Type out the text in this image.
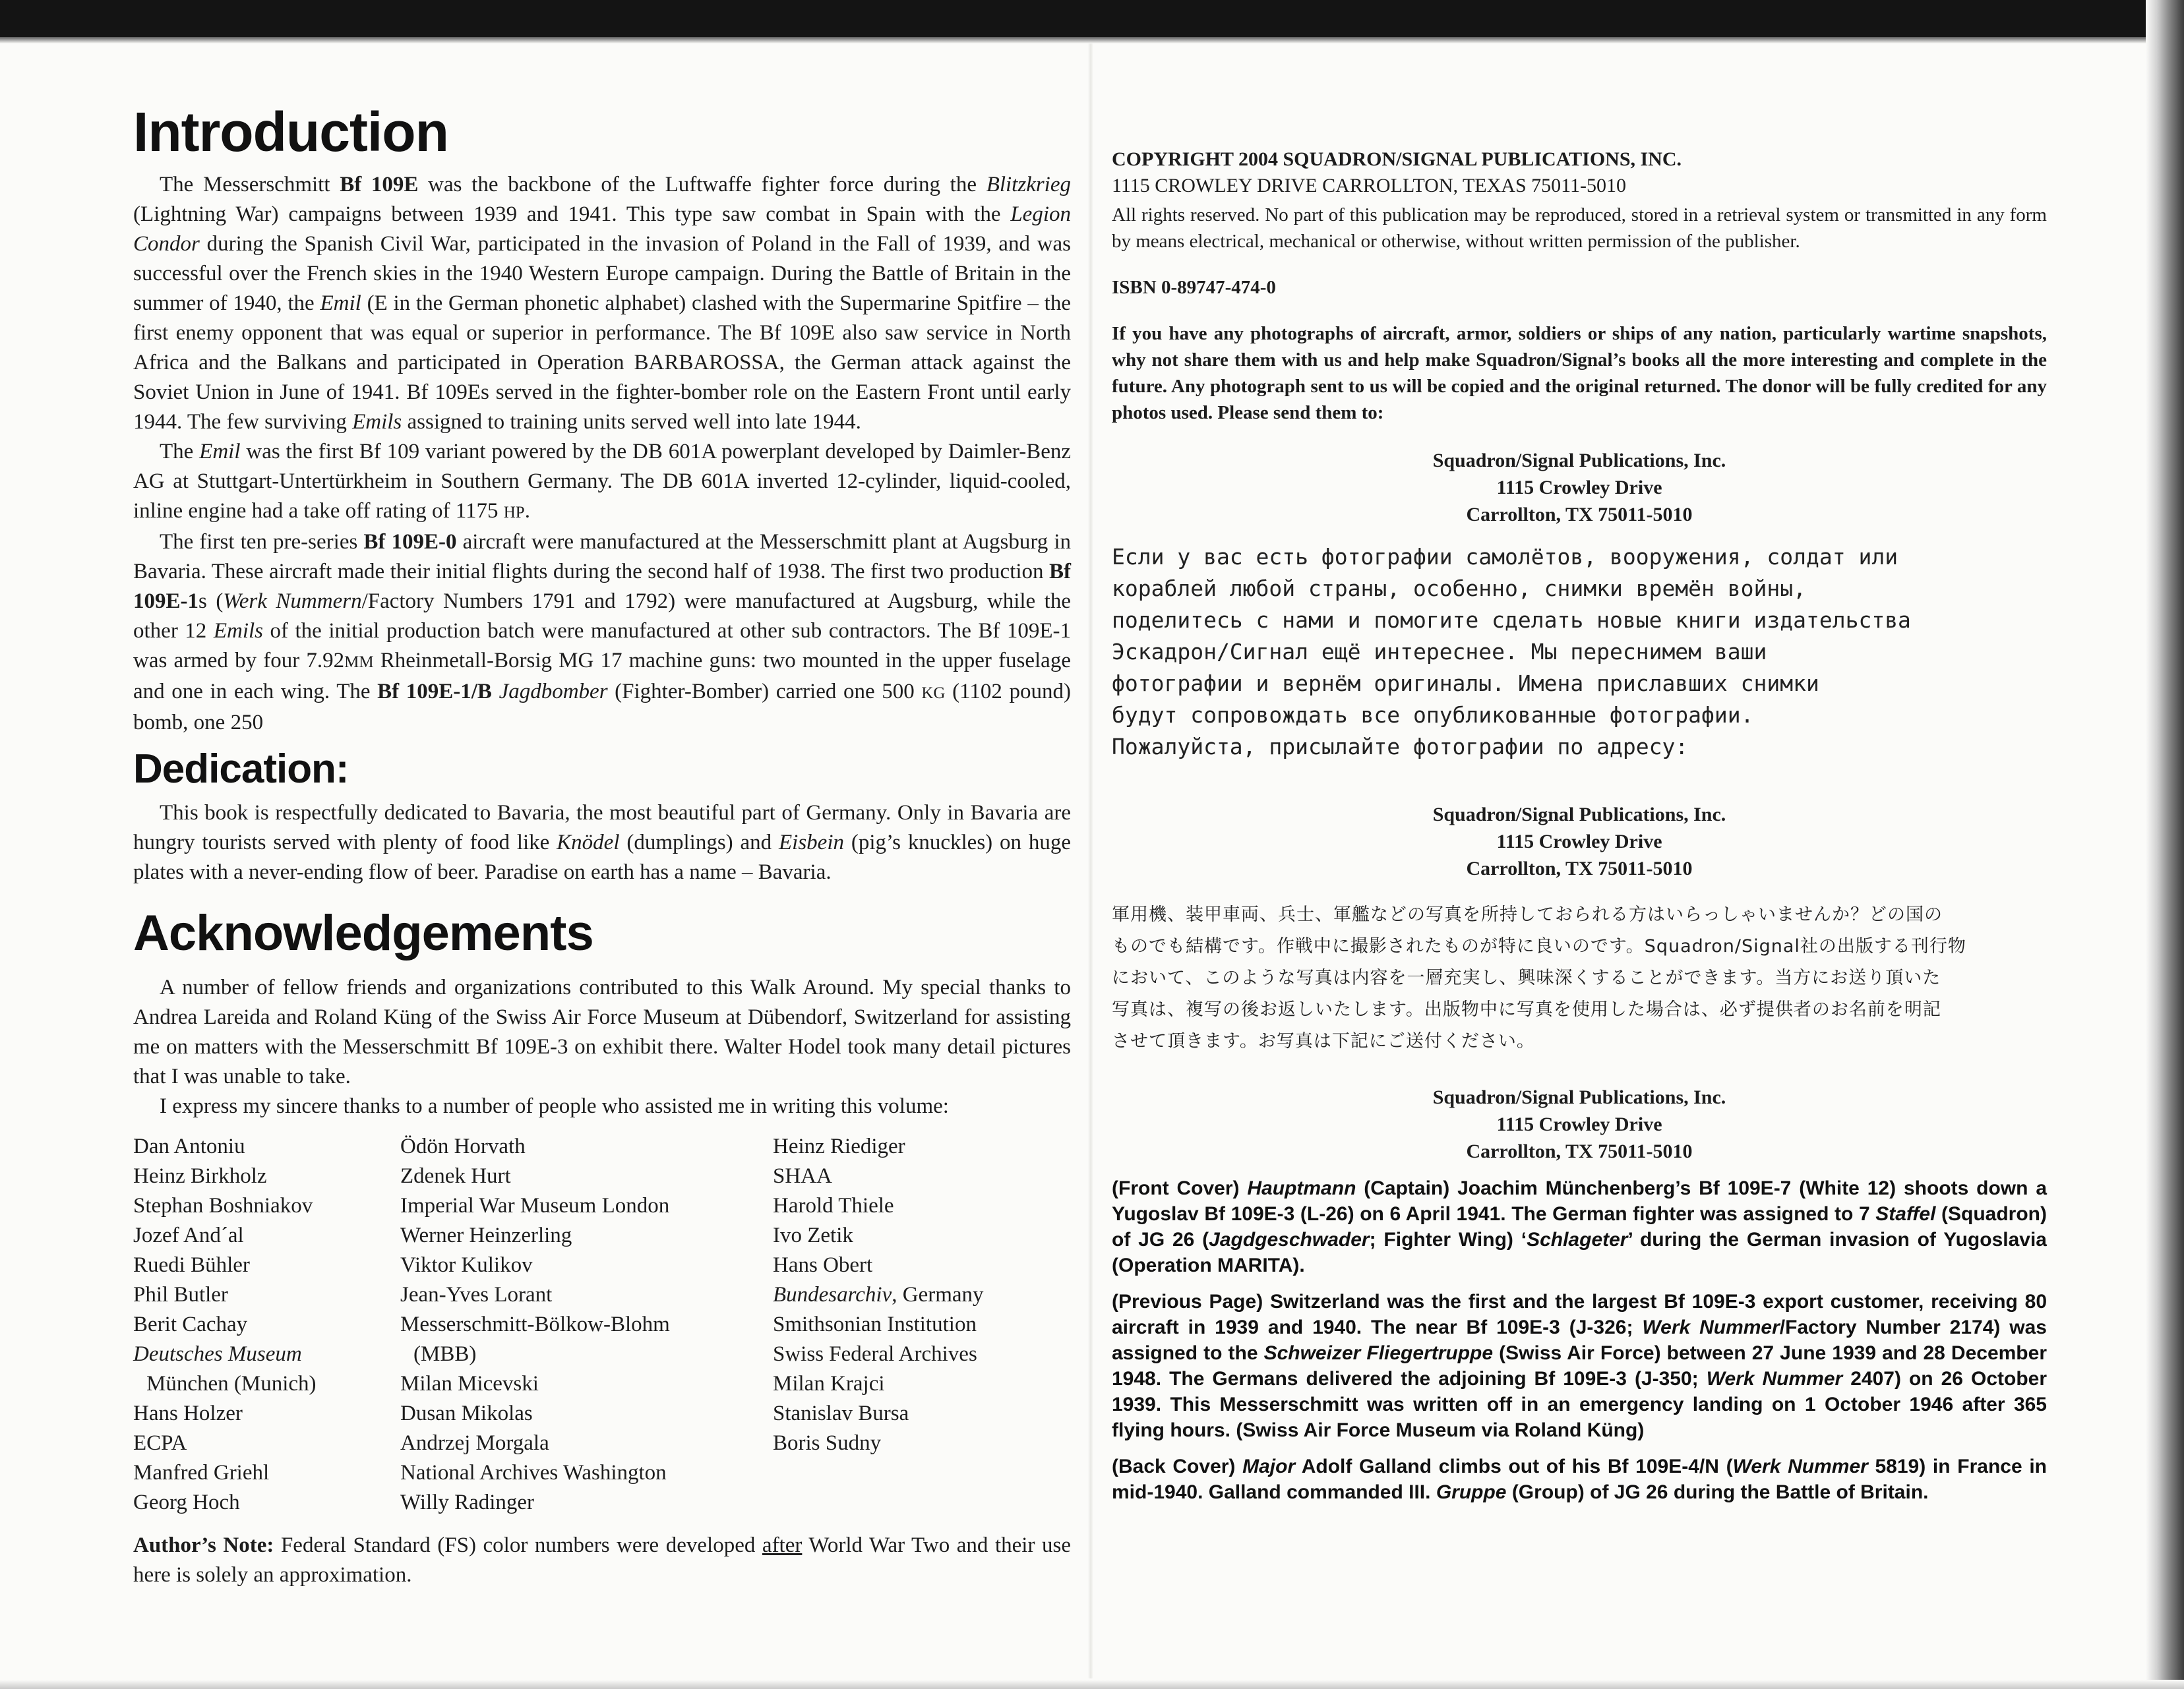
Introduction

The Messerschmitt Bf 109E was the backbone of the Luftwaffe fighter force during the Blitzkrieg (Lightning War) campaigns between 1939 and 1941. This type saw combat in Spain with the Legion Condor during the Spanish Civil War, participated in the invasion of Poland in the Fall of 1939, and was successful over the French skies in the 1940 Western Europe campaign. During the Battle of Britain in the summer of 1940, the Emil (E in the German phonetic alphabet) clashed with the Supermarine Spitfire – the first enemy opponent that was equal or superior in performance. The Bf 109E also saw service in North Africa and the Balkans and participated in Operation BARBAROSSA, the German attack against the Soviet Union in June of 1941. Bf 109Es served in the fighter-bomber role on the Eastern Front until early 1944. The few surviving Emils assigned to training units served well into late 1944.

The Emil was the first Bf 109 variant powered by the DB 601A powerplant developed by Daimler-Benz AG at Stuttgart-Untertürkheim in Southern Germany. The DB 601A inverted 12-cylinder, liquid-cooled, inline engine had a take off rating of 1175 HP.

The first ten pre-series Bf 109E-0 aircraft were manufactured at the Messerschmitt plant at Augsburg in Bavaria. These aircraft made their initial flights during the second half of 1938. The first two production Bf 109E-1s (Werk Nummern/Factory Numbers 1791 and 1792) were manufactured at Augsburg, while the other 12 Emils of the initial production batch were manufactured at other sub contractors. The Bf 109E-1 was armed by four 7.92MM Rheinmetall-Borsig MG 17 machine guns: two mounted in the upper fuselage and one in each wing. The Bf 109E-1/B Jagdbomber (Fighter-Bomber) carried one 500 KG (1102 pound) bomb, one 250

Dedication:

This book is respectfully dedicated to Bavaria, the most beautiful part of Germany. Only in Bavaria are hungry tourists served with plenty of food like Knödel (dumplings) and Eisbein (pig’s knuckles) on huge plates with a never-ending flow of beer. Paradise on earth has a name – Bavaria.

Acknowledgements

A number of fellow friends and organizations contributed to this Walk Around. My special thanks to Andrea Lareida and Roland Küng of the Swiss Air Force Museum at Dübendorf, Switzerland for assisting me on matters with the Messerschmitt Bf 109E-3 on exhibit there. Walter Hodel took many detail pictures that I was unable to take.

I express my sincere thanks to a number of people who assisted me in writing this volume:

Dan Antoniu
Heinz Birkholz
Stephan Boshniakov
Jozef And´al
Ruedi Bühler
Phil Butler
Berit Cachay
Deutsches Museum
München (Munich)
Hans Holzer
ECPA
Manfred Griehl
Georg Hoch
Ödön Horvath
Zdenek Hurt
Imperial War Museum London
Werner Heinzerling
Viktor Kulikov
Jean-Yves Lorant
Messerschmitt-Bölkow-Blohm
(MBB)
Milan Micevski
Dusan Mikolas
Andrzej Morgala
National Archives Washington
Willy Radinger
Heinz Riediger
SHAA
Harold Thiele
Ivo Zetik
Hans Obert
Bundesarchiv, Germany
Smithsonian Institution
Swiss Federal Archives
Milan Krajci
Stanislav Bursa
Boris Sudny

Author’s Note: Federal Standard (FS) color numbers were developed after World War Two and their use here is solely an approximation.

COPYRIGHT 2004 SQUADRON/SIGNAL PUBLICATIONS, INC.

1115 CROWLEY DRIVE CARROLLTON, TEXAS 75011-5010

All rights reserved. No part of this publication may be reproduced, stored in a retrieval system or transmitted in any form by means electrical, mechanical or otherwise, without written permission of the publisher.

ISBN 0-89747-474-0

If you have any photographs of aircraft, armor, soldiers or ships of any nation, particularly wartime snapshots, why not share them with us and help make Squadron/Signal’s books all the more interesting and complete in the future. Any photograph sent to us will be copied and the original returned. The donor will be fully credited for any photos used. Please send them to:

Squadron/Signal Publications, Inc.
1115 Crowley Drive
Carrollton, TX 75011-5010
Если у вас есть фотографии самолётов, вооружения, солдат или
кораблей любой страны, особенно, снимки времён войны,
поделитесь с нами и помогите сделать новые книги издательства
Эскадрон/Сигнал ещё интереснее. Мы переснимем ваши
фотографии и вернём оригиналы. Имена приславших снимки
будут сопровождать все опубликованные фотографии.
Пожалуйста, присылайте фотографии по адресу:
Squadron/Signal Publications, Inc.
1115 Crowley Drive
Carrollton, TX 75011-5010
軍用機、装甲車両、兵士、軍艦などの写真を所持しておられる方はいらっしゃいませんか？どの国の
ものでも結構です。作戦中に撮影されたものが特に良いのです。Squadron/Signal社の出版する刊行物
において、このような写真は内容を一層充実し、興味深くすることができます。当方にお送り頂いた
写真は、複写の後お返しいたします。出版物中に写真を使用した場合は、必ず提供者のお名前を明記
させて頂きます。お写真は下記にご送付ください。
Squadron/Signal Publications, Inc.
1115 Crowley Drive
Carrollton, TX 75011-5010

(Front Cover) Hauptmann (Captain) Joachim Münchenberg’s Bf 109E-7 (White 12) shoots down a Yugoslav Bf 109E-3 (L-26) on 6 April 1941. The German fighter was assigned to 7 Staffel (Squadron) of JG 26 (Jagdgeschwader; Fighter Wing) ‘Schlageter’ during the German invasion of Yugoslavia (Operation MARITA).

(Previous Page) Switzerland was the first and the largest Bf 109E-3 export customer, receiving 80 aircraft in 1939 and 1940. The near Bf 109E-3 (J-326; Werk Nummer/Factory Number 2174) was assigned to the Schweizer Fliegertruppe (Swiss Air Force) between 27 June 1939 and 28 December 1948. The Germans delivered the adjoining Bf 109E-3 (J-350; Werk Nummer 2407) on 26 October 1939. This Messerschmitt was written off in an emergency landing on 1 October 1946 after 365 flying hours. (Swiss Air Force Museum via Roland Küng)

(Back Cover) Major Adolf Galland climbs out of his Bf 109E-4/N (Werk Nummer 5819) in France in mid-1940. Galland commanded III. Gruppe (Group) of JG 26 during the Battle of Britain.
